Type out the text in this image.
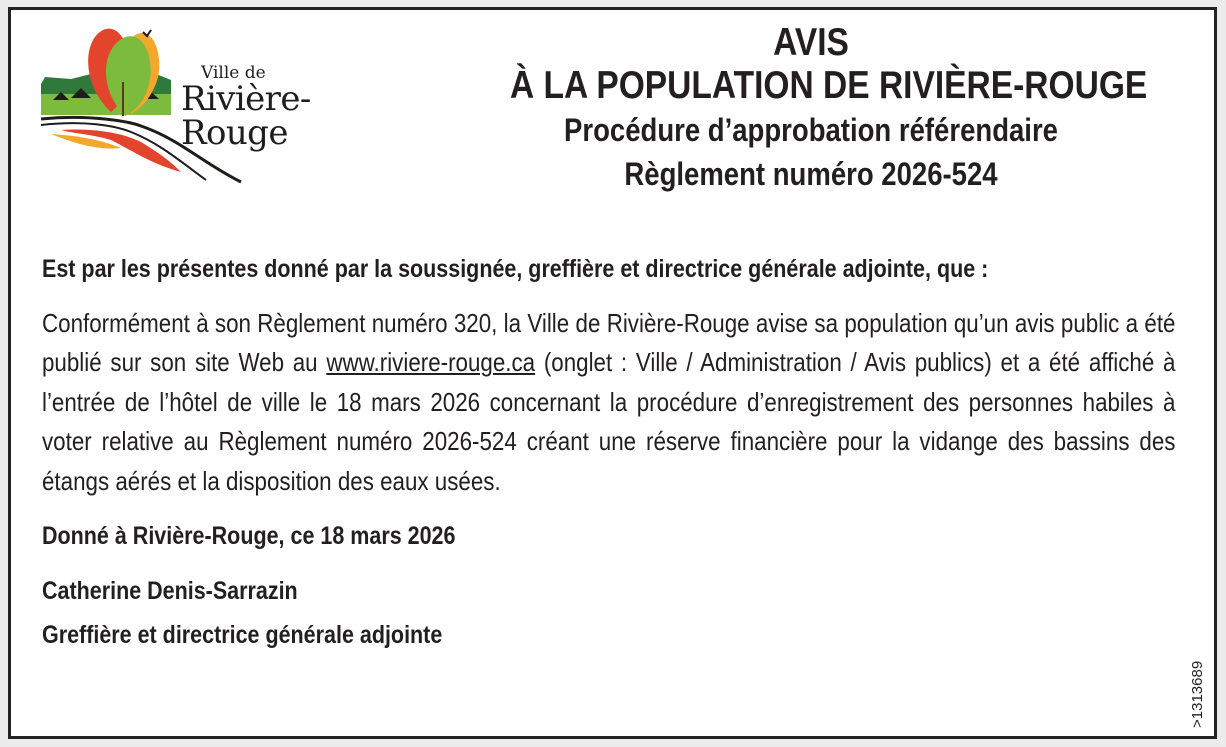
Ville de
Rivière-Rouge
AVIS
À LA POPULATION DE RIVIÈRE-ROUGE
Procédure d’approbation référendaire
Règlement numéro 2026-524

Est par les présentes donné par la soussignée, greffière et directrice générale adjointe, que :

Conformément à son Règlement numéro 320, la Ville de Rivière-Rouge avise sa population qu’un avis public a été publié sur son site Web au www.riviere-rouge.ca (onglet : Ville / Administration / Avis publics) et a été affiché à l’entrée de l’hôtel de ville le 18 mars 2026 concernant la procédure d’enregistrement des personnes habiles à voter relative au Règlement numéro 2026-524 créant une réserve financière pour la vidange des bassins des étangs aérés et la disposition des eaux usées.

Donné à Rivière-Rouge, ce 18 mars 2026

Catherine Denis-Sarrazin
Greffière et directrice générale adjointe
>1313689
